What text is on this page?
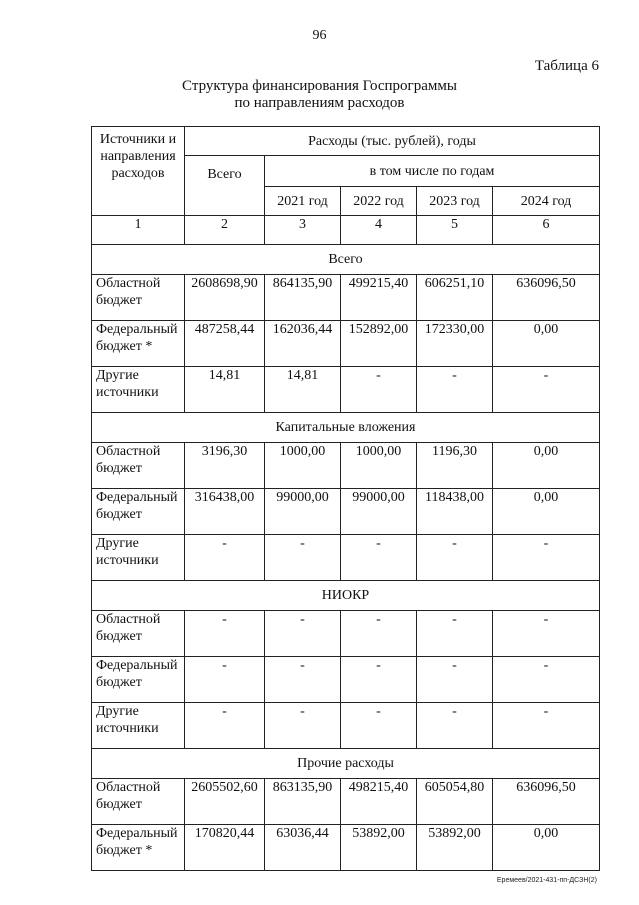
96
Таблица 6
Структура финансирования Госпрограммы
по направлениям расходов
Источники и направления расходов	Расходы (тыс. рублей), годы				
	Всего	в том числе по годам			
		2021 год	2022 год	2023 год	2024 год
1	2	3	4	5	6
Всего					
Областной бюджет	2608698,90	864135,90	499215,40	606251,10	636096,50
Федеральный бюджет *	487258,44	162036,44	152892,00	172330,00	0,00
Другие источники	14,81	14,81	-	-	-
Капитальные вложения					
Областной бюджет	3196,30	1000,00	1000,00	1196,30	0,00
Федеральный бюджет	316438,00	99000,00	99000,00	118438,00	0,00
Другие источники	-	-	-	-	-
НИОКР					
Областной бюджет	-	-	-	-	-
Федеральный бюджет	-	-	-	-	-
Другие источники	-	-	-	-	-
Прочие расходы					
Областной бюджет	2605502,60	863135,90	498215,40	605054,80	636096,50
Федеральный бюджет *	170820,44	63036,44	53892,00	53892,00	0,00
Еремеев/2021-431-пп-ДСЗН(2)
